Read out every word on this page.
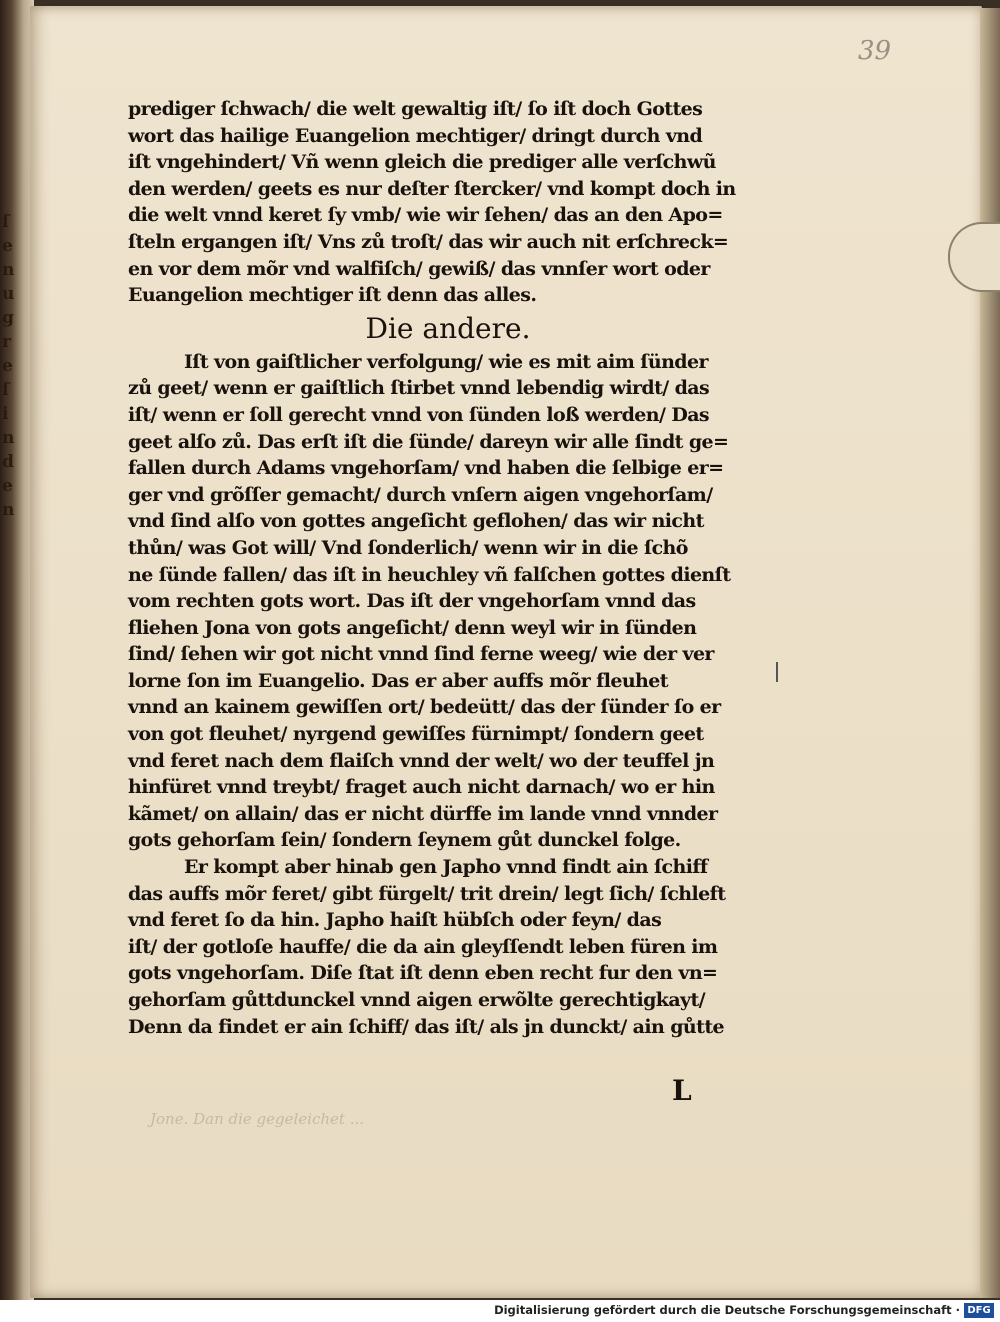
ſ e n u g r e ſ i n d e n
39
prediger ſchwach/ die welt gewaltig iſt/ ſo iſt doch Gottes
wort das hailige Euangelion mechtiger/ dringt durch vnd
iſt vngehindert/ Vñ wenn gleich die prediger alle verſchwũ
den werden/ geets es nur deſter ſtercker/ vnd kompt doch in
die welt vnnd keret ſy vmb/ wie wir ſehen/ das an den Apo=
ſteln ergangen iſt/ Vns zů troſt/ das wir auch nit erſchreck=
en vor dem mõr vnd walfiſch/ gewiß/ das vnnſer wort oder
Euangelion mechtiger iſt denn das alles.
Die andere.
Iſt von gaiſtlicher verfolgung/ wie es mit aim ſünder
zů geet/ wenn er gaiſtlich ſtirbet vnnd lebendig wirdt/ das
iſt/ wenn er ſoll gerecht vnnd von ſünden loß werden/ Das
geet alſo zů. Das erſt iſt die ſünde/ dareyn wir alle ſindt ge=
fallen durch Adams vngehorſam/ vnd haben die ſelbige er=
ger vnd grõſſer gemacht/ durch vnſern aigen vngehorſam/
vnd ſind alſo von gottes angeſicht geflohen/ das wir nicht
thůn/ was Got will/ Vnd ſonderlich/ wenn wir in die ſchõ
ne ſünde fallen/ das iſt in heuchley vñ falſchen gottes dienſt
vom rechten gots wort. Das iſt der vngehorſam vnnd das
fliehen Jona von gots angeſicht/ denn weyl wir in ſünden
ſind/ ſehen wir got nicht vnnd ſind ferne weeg/ wie der ver
lorne ſon im Euangelio. Das er aber auffs mõr fleuhet
vnnd an kainem gewiſſen ort/ bedeütt/ das der ſünder ſo er
von got fleuhet/ nyrgend gewiſſes fürnimpt/ ſondern geet
vnd feret nach dem flaiſch vnnd der welt/ wo der teuffel jn
hinfüret vnnd treybt/ fraget auch nicht darnach/ wo er hin
kãmet/ on allain/ das er nicht dürffe im lande vnnd vnnder
gots gehorſam ſein/ ſondern ſeynem gůt dunckel folge.
Er kompt aber hinab gen Japho vnnd findt ain ſchiff
das auffs mõr feret/ gibt fürgelt/ trit drein/ legt ſich/ ſchleft
vnd feret ſo da hin. Japho haiſt hübſch oder feyn/ das
iſt/ der gotloſe hauffe/ die da ain gleyſſendt leben füren im
gots vngehorſam. Diſe ſtat iſt denn eben recht fur den vn=
gehorſam gůttdunckel vnnd aigen erwõlte gerechtigkayt/
Denn da findet er ain ſchiff/ das iſt/ als jn dunckt/ ain gůtte
L
Jone. Dan die gegeleichet ...
Digitalisierung gefördert durch die Deutsche Forschungsgemeinschaft · DFG
